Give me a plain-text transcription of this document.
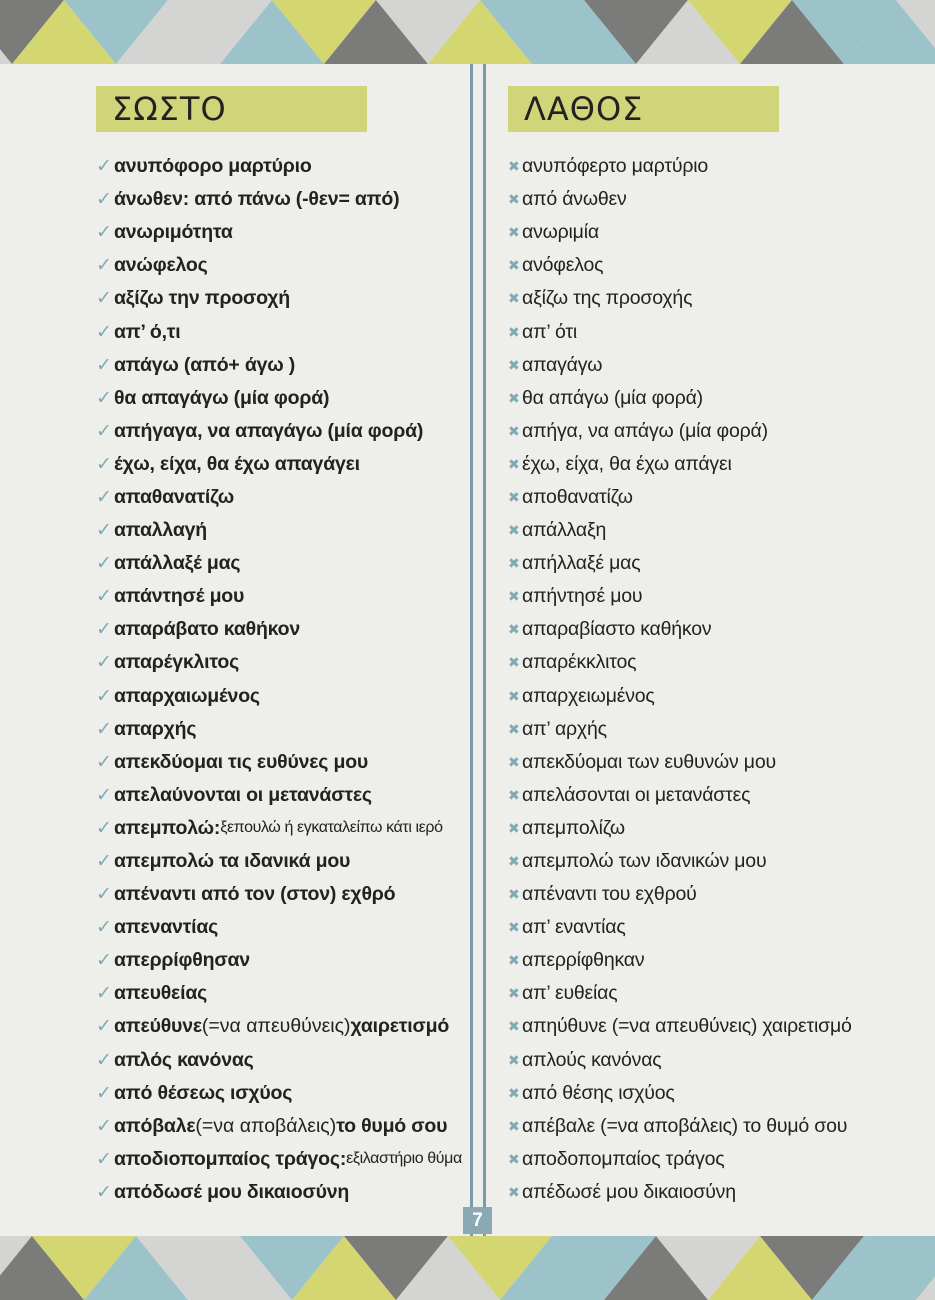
7
ΣΩΣΤΟ
✓ ανυπόφορο μαρτύριο
✓ άνωθεν: από πάνω (-θεν= από)
✓ ανωριμότητα
✓ ανώφελος
✓ αξίζω την προσοχή
✓ απ’ ό,τι
✓ απάγω (από+ άγω )
✓ θα απαγάγω (μία φορά)
✓ απήγαγα, να απαγάγω (μία φορά)
✓ έχω, είχα, θα έχω απαγάγει
✓ απαθανατίζω
✓ απαλλαγή
✓ απάλλαξέ μας
✓ απάντησέ μου
✓ απαράβατο καθήκον
✓ απαρέγκλιτος
✓ απαρχαιωμένος
✓ απαρχής
✓ απεκδύομαι τις ευθύνες μου
✓ απελαύνονται οι μετανάστες
✓ απεμπολώ: ξεπουλώ ή εγκαταλείπω κάτι ιερό
✓ απεμπολώ τα ιδανικά μου
✓ απέναντι από τον (στον) εχθρό
✓ απεναντίας
✓ απερρίφθησαν
✓ απευθείας
✓ απεύθυνε (=να απευθύνεις) χαιρετισμό
✓ απλός κανόνας
✓ από θέσεως ισχύος
✓ απόβαλε (=να αποβάλεις) το θυμό σου
✓ αποδιοπομπαίος τράγος: εξιλαστήριο θύμα
✓ απόδωσέ μου δικαιοσύνη
ΛΑΘΟΣ
✖ ανυπόφερτο μαρτύριο
✖ από άνωθεν
✖ ανωριμία
✖ ανόφελος
✖ αξίζω της προσοχής
✖ απ’ ότι
✖ απαγάγω
✖ θα απάγω (μία φορά)
✖ απήγα, να απάγω (μία φορά)
✖ έχω, είχα, θα έχω απάγει
✖ αποθανατίζω
✖ απάλλαξη
✖ απήλλαξέ μας
✖ απήντησέ μου
✖ απαραβίαστο καθήκον
✖ απαρέκκλιτος
✖ απαρχειωμένος
✖ απ’ αρχής
✖ απεκδύομαι των ευθυνών μου
✖ απελάσονται οι μετανάστες
✖ απεμπολίζω
✖ απεμπολώ των ιδανικών μου
✖ απέναντι του εχθρού
✖ απ’ εναντίας
✖ απερρίφθηκαν
✖ απ’ ευθείας
✖ απηύθυνε (=να απευθύνεις) χαιρετισμό
✖ απλούς κανόνας
✖ από θέσης ισχύος
✖ απέβαλε (=να αποβάλεις) το θυμό σου
✖ αποδοπομπαίος τράγος
✖ απέδωσέ μου δικαιοσύνη
